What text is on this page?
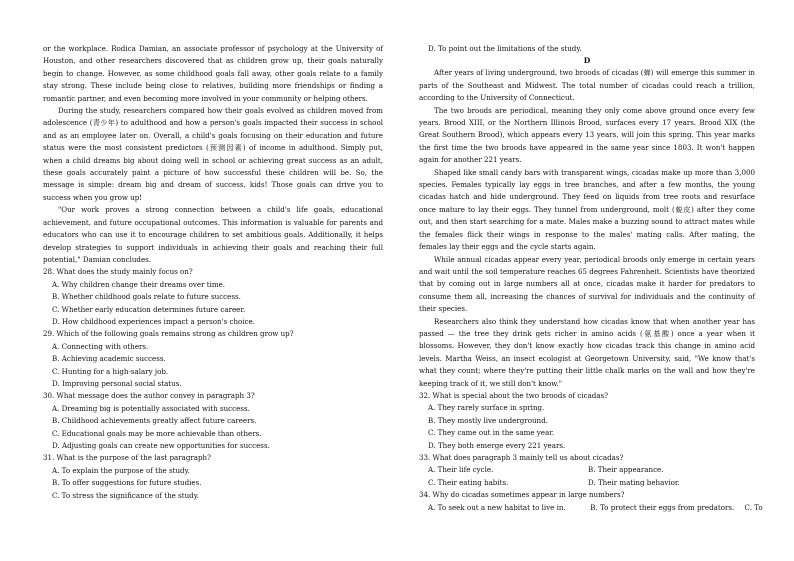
or the workplace. Rodica Damian, an associate professor of psychology at the University of Houston, and other researchers discovered that as children grow up, their goals naturally begin to change. However, as some childhood goals fall away, other goals relate to a family stay strong. These include being close to relatives, building more friendships or finding a romantic partner, and even becoming more involved in your community or helping others.

During the study, researchers compared how their goals evolved as children moved from adolescence (青少年) to adulthood and how a person's goals impacted their success in school and as an employee later on. Overall, a child's goals focusing on their education and future status were the most consistent predictors (预测因素) of income in adulthood. Simply put, when a child dreams big about doing well in school or achieving great success as an adult, these goals accurately paint a picture of how successful these children will be. So, the message is simple: dream big and dream of success, kids! Those goals can drive you to success when you grow up!

"Our work proves a strong connection between a child's life goals, educational achievement, and future occupational outcomes. This information is valuable for parents and educators who can use it to encourage children to set ambitious goals. Additionally, it helps develop strategies to support individuals in achieving their goals and reaching their full potential," Damian concludes.

28. What does the study mainly focus on?
A. Why children change their dreams over time.
B. Whether childhood goals relate to future success.
C. Whether early education determines future career.
D. How childhood experiences impact a person's choice.
29. Which of the following goals remains strong as children grow up?
A. Connecting with others.
B. Achieving academic success.
C. Hunting for a high-salary job.
D. Improving personal social status.
30. What message does the author convey in paragraph 3?
A. Dreaming big is potentially associated with success.
B. Childhood achievements greatly affect future careers.
C. Educational goals may be more achievable than others.
D. Adjusting goals can create new opportunities for success.
31. What is the purpose of the last paragraph?
A. To explain the purpose of the study.
B. To offer suggestions for future studies.
C. To stress the significance of the study.
D. To point out the limitations of the study.
D

After years of living underground, two broods of cicadas (蝉) will emerge this summer in parts of the Southeast and Midwest. The total number of cicadas could reach a trillion, according to the University of Connecticut.

The two broods are periodical, meaning they only come above ground once every few years. Brood XIII, or the Northern Illinois Brood, surfaces every 17 years. Brood XIX (the Great Southern Brood), which appears every 13 years, will join this spring. This year marks the first time the two broods have appeared in the same year since 1803. It won't happen again for another 221 years.

Shaped like small candy bars with transparent wings, cicadas make up more than 3,000 species. Females typically lay eggs in tree branches, and after a few months, the young cicadas hatch and hide underground. They feed on liquids from tree roots and resurface once mature to lay their eggs. They tunnel from underground, molt (蜕皮) after they come out, and then start searching for a mate. Males make a buzzing sound to attract mates while the females flick their wings in response to the males' mating calls. After mating, the females lay their eggs and the cycle starts again.

While annual cicadas appear every year, periodical broods only emerge in certain years and wait until the soil temperature reaches 65 degrees Fahrenheit. Scientists have theorized that by coming out in large numbers all at once, cicadas make it harder for predators to consume them all, increasing the chances of survival for individuals and the continuity of their species.

Researchers also think they understand how cicadas know that when another year has passed — the tree they drink gets richer in amino acids (氨基酸) once a year when it blossoms. However, they don't know exactly how cicadas track this change in amino acid levels. Martha Weiss, an insect ecologist at Georgetown University, said, "We know that's what they count; where they're putting their little chalk marks on the wall and how they're keeping track of it, we still don't know."

32. What is special about the two broods of cicadas?
A. They rarely surface in spring.
B. They mostly live underground.
C. They came out in the same year.
D. They both emerge every 221 years.
33. What does paragraph 3 mainly tell us about cicadas?
A. Their life cycle.	B. Their appearance.
C. Their eating habits.	D. Their mating behavior.
34. Why do cicadas sometimes appear in large numbers?
A. To seek out a new habitat to live in.	B. To protect their eggs from predators. C. To
